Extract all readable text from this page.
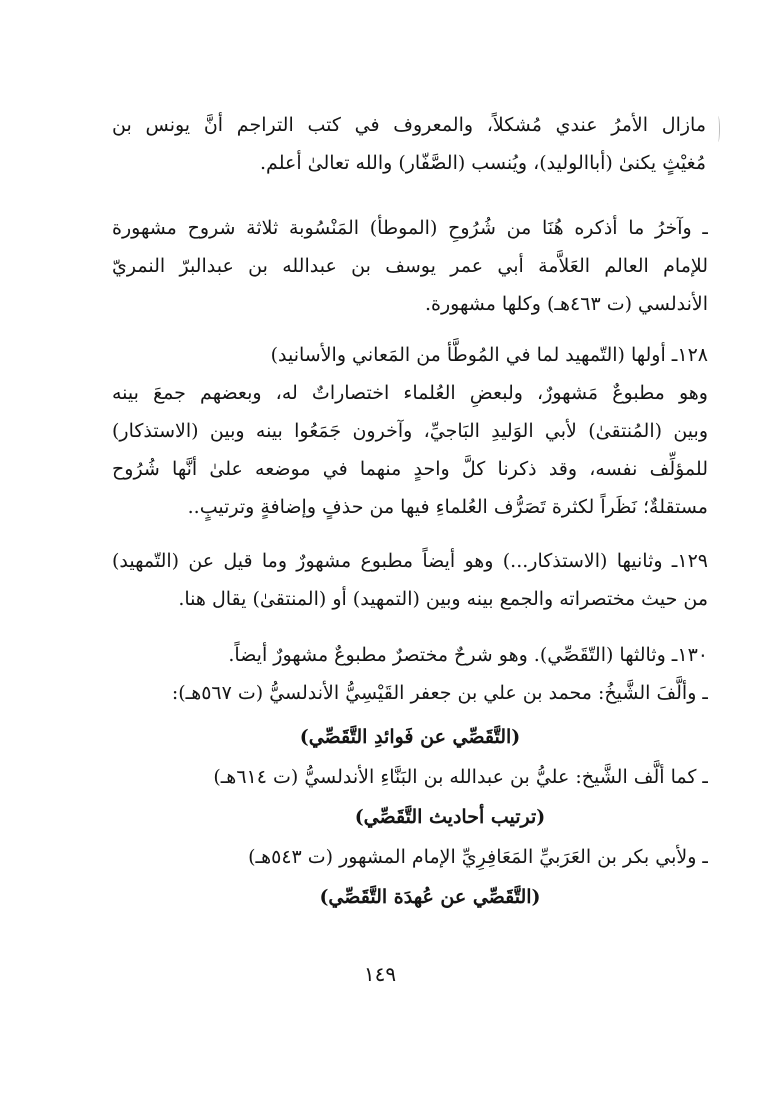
مازال الأمرُ عندي مُشكلاً، والمعروف في كتب التراجم أنَّ يونس بن
مُغيْثٍ يكنىٰ (أباالوليد)، ويُنسب (الصَّفّار) والله تعالىٰ أعلم.
ـ وآخرُ ما أذكره هُنَا من شُرُوحِ (الموطأ) المَنْسُوبة ثلاثة شروح مشهورة
للإمام العالم العَلاَّمة أبي عمر يوسف بن عبدالله بن عبدالبرّ النمريّ
الأندلسي (ت ٤٦٣هـ) وكلها مشهورة.
١٢٨ـ أولها (التّمهيد لما في المُوطَّأ من المَعاني والأسانيد)
وهو مطبوعٌ مَشهورٌ، ولبعضِ العُلماء اختصاراتٌ له، وبعضهم جمعَ بينه
وبين (المُنتقىٰ) لأبي الوَليدِ البَاجيِّ، وآخرون جَمَعُوا بينه وبين (الاستذكار)
للمؤلِّف نفسه، وقد ذكرنا كلَّ واحدٍ منهما في موضعه علىٰ أنَّها شُرُوح
مستقلةٌ؛ نَظَراً لكثرة تَصَرُّف العُلماءِ فيها من حذفٍ وإضافةٍ وترتيبٍ..
١٢٩ـ وثانيها (الاستذكار...) وهو أيضاً مطبوع مشهورٌ وما قيل عن (التّمهيد)
من حيث مختصراته والجمع بينه وبين (التمهيد) أو (المنتقىٰ) يقال هنا.
١٣٠ـ وثالثها (التّقَصِّي). وهو شرحٌ مختصرٌ مطبوعٌ مشهورٌ أيضاً.
ـ وألَّفَ الشَّيخُ: محمد بن علي بن جعفر القَيْسِيُّ الأندلسيُّ (ت ٥٦٧هـ):
(التَّقَصِّي عن فَوائدِ التَّقَصِّي)
ـ كما ألَّف الشَّيخ: عليُّ بن عبدالله بن البَنَّاءِ الأندلسيُّ (ت ٦١٤هـ)
(ترتيب أحاديث التَّقَصِّي)
ـ ولأبي بكر بن العَرَبيِّ المَعَافِرِيِّ الإمام المشهور (ت ٥٤٣هـ)
(التَّقَصِّي عن عُهدَة التَّقَصِّي)
١٤٩
